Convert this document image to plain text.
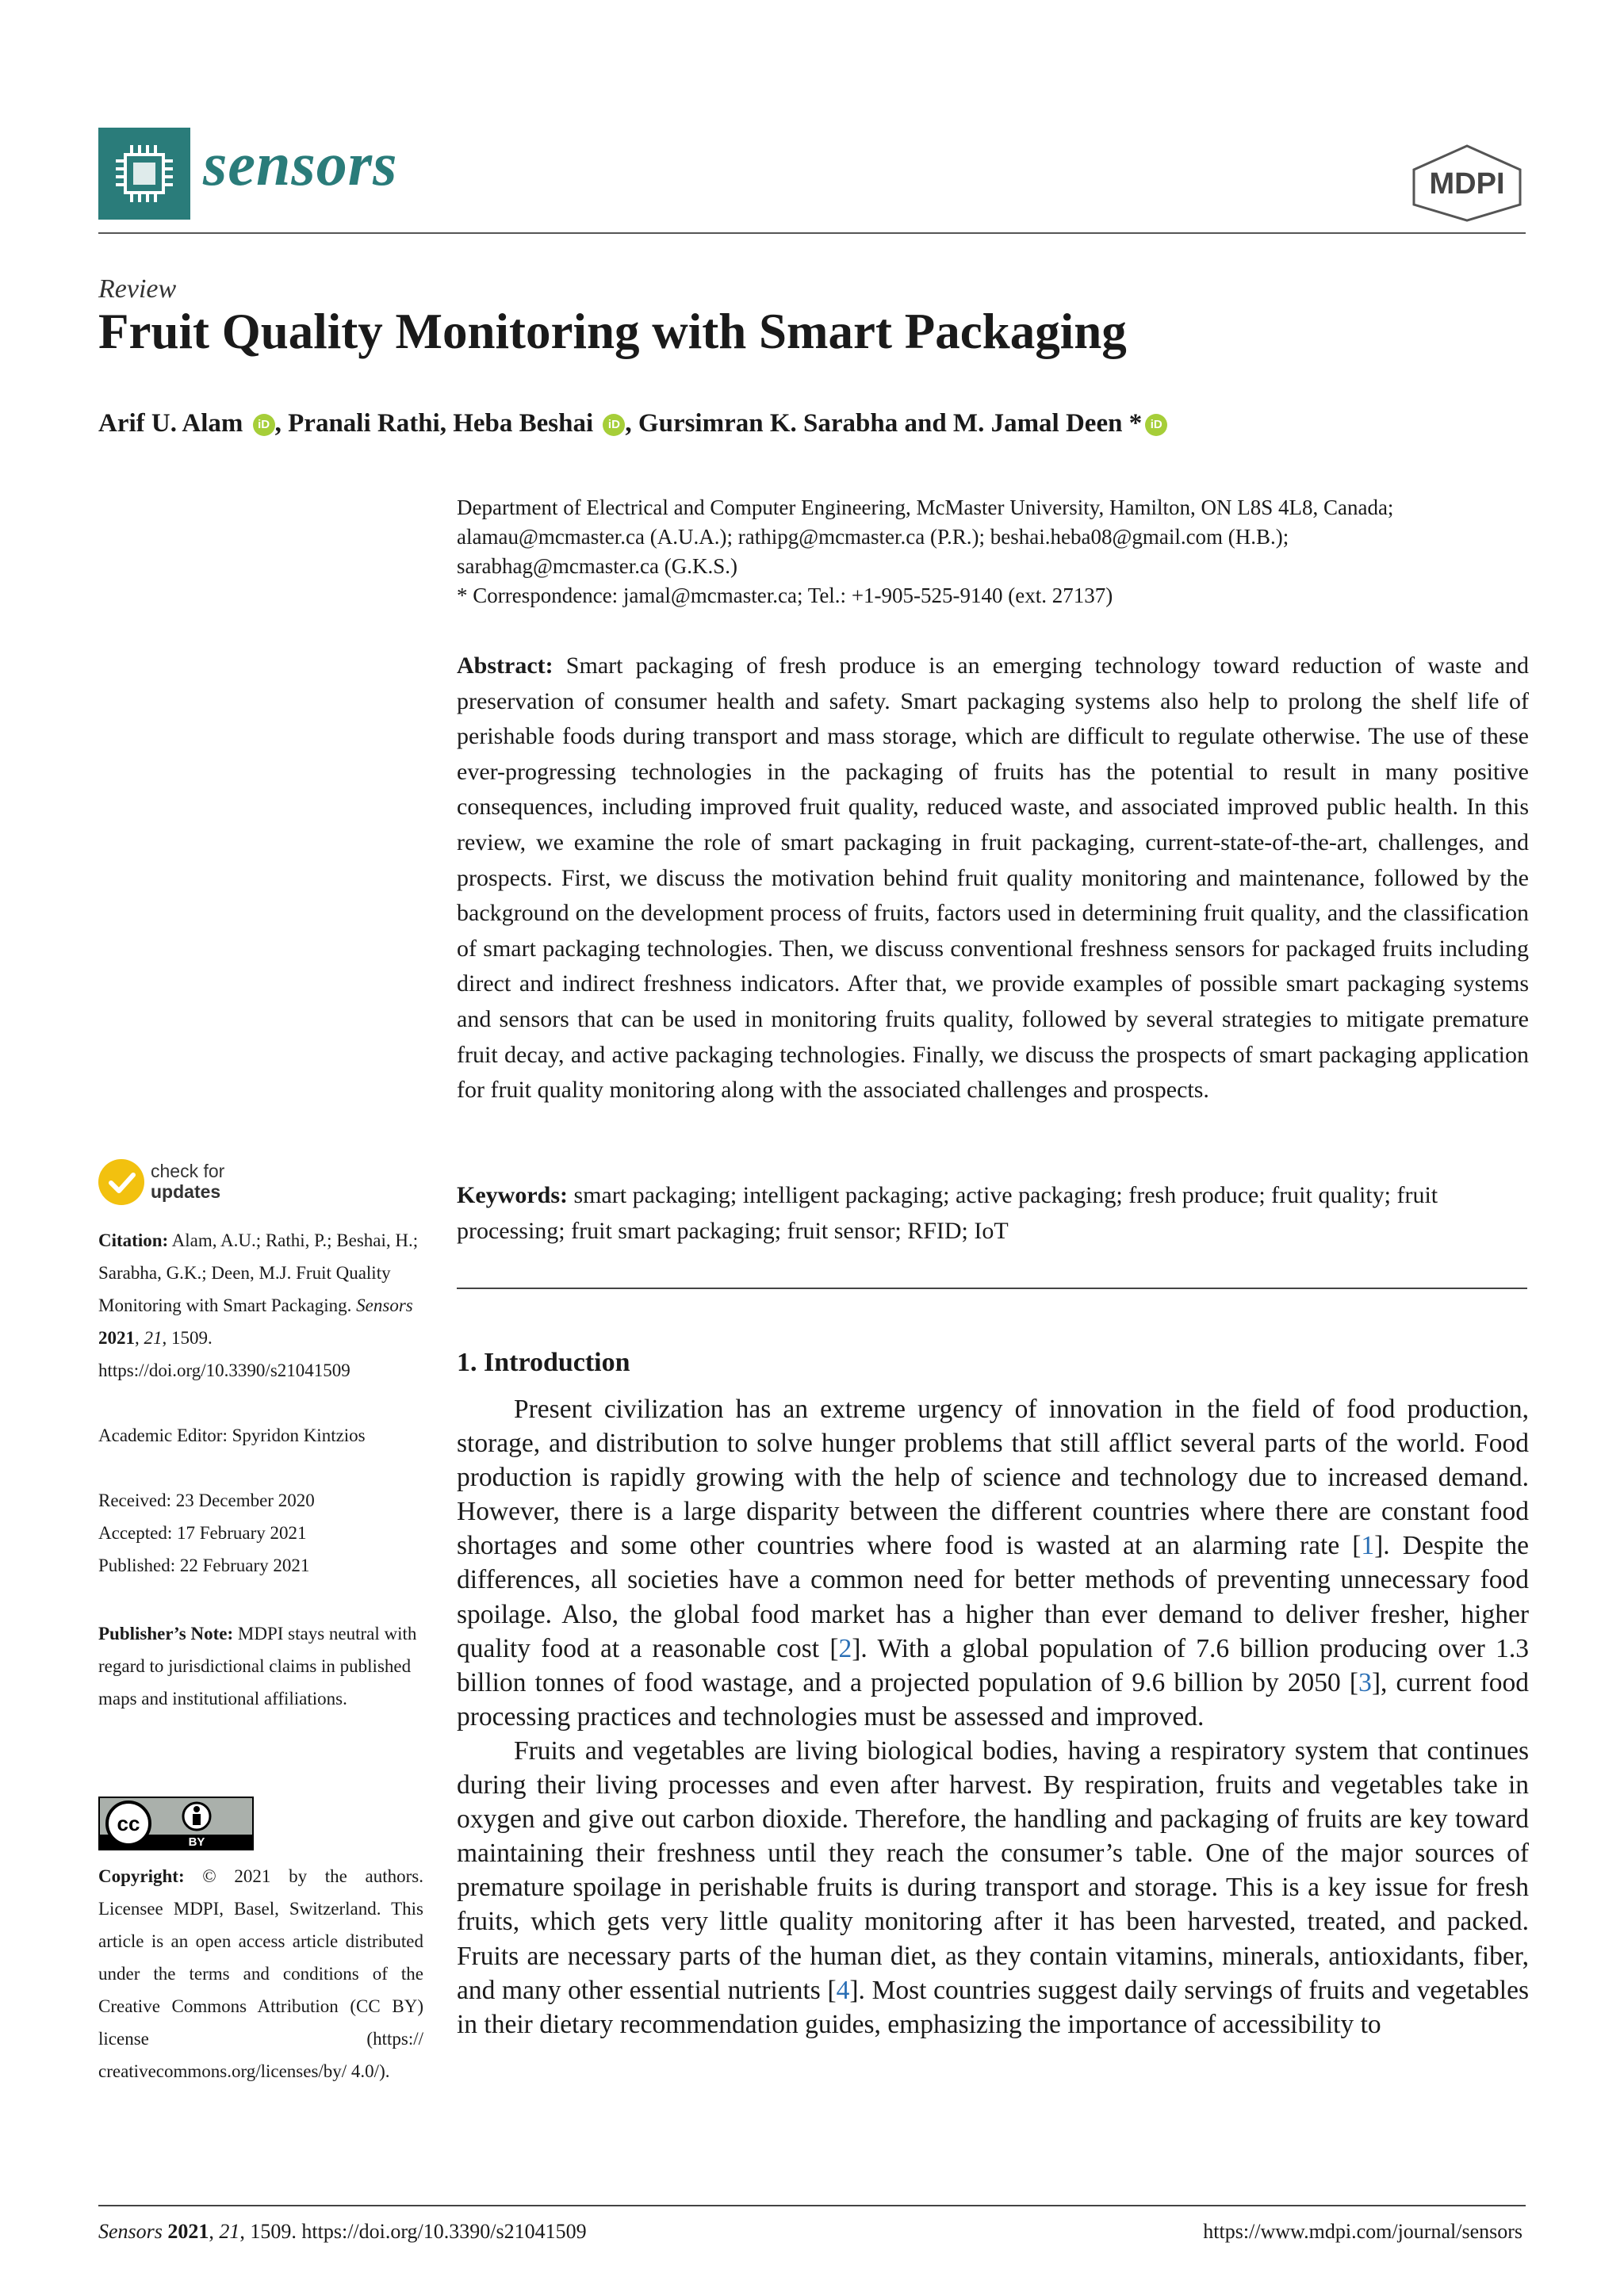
sensors	MDPI
Review
Fruit Quality Monitoring with Smart Packaging
Arif U. Alam iD , Pranali Rathi, Heba Beshai iD , Gursimran K. Sarabha and M. Jamal Deen * iD

Department of Electrical and Computer Engineering, McMaster University, Hamilton, ON L8S 4L8, Canada;

alamau@mcmaster.ca (A.U.A.); rathipg@mcmaster.ca (P.R.); beshai.heba08@gmail.com (H.B.);

sarabhag@mcmaster.ca (G.K.S.)

* Correspondence: jamal@mcmaster.ca; Tel.: +1-905-525-9140 (ext. 27137)

Abstract: Smart packaging of fresh produce is an emerging technology toward reduction of waste and preservation of consumer health and safety. Smart packaging systems also help to prolong the shelf life of perishable foods during transport and mass storage, which are difficult to regulate otherwise. The use of these ever-progressing technologies in the packaging of fruits has the potential to result in many positive consequences, including improved fruit quality, reduced waste, and associated improved public health. In this review, we examine the role of smart packaging in fruit packaging, current-state-of-the-art, challenges, and prospects. First, we discuss the motivation behind fruit quality monitoring and maintenance, followed by the background on the development process of fruits, factors used in determining fruit quality, and the classification of smart packaging technologies. Then, we discuss conventional freshness sensors for packaged fruits including direct and indirect freshness indicators. After that, we provide examples of possible smart packaging systems and sensors that can be used in monitoring fruits quality, followed by several strategies to mitigate premature fruit decay, and active packaging technologies. Finally, we discuss the prospects of smart packaging application for fruit quality monitoring along with the associated challenges and prospects.
Keywords: smart packaging; intelligent packaging; active packaging; fresh produce; fruit quality; fruit processing; fruit smart packaging; fruit sensor; RFID; IoT
1. Introduction

Present civilization has an extreme urgency of innovation in the field of food production, storage, and distribution to solve hunger problems that still afflict several parts of the world. Food production is rapidly growing with the help of science and technology due to increased demand. However, there is a large disparity between the different countries where there are constant food shortages and some other countries where food is wasted at an alarming rate [1]. Despite the differences, all societies have a common need for better methods of preventing unnecessary food spoilage. Also, the global food market has a higher than ever demand to deliver fresher, higher quality food at a reasonable cost [2]. With a global population of 7.6 billion producing over 1.3 billion tonnes of food wastage, and a projected population of 9.6 billion by 2050 [3], current food processing practices and technologies must be assessed and improved.

Fruits and vegetables are living biological bodies, having a respiratory system that continues during their living processes and even after harvest. By respiration, fruits and vegetables take in oxygen and give out carbon dioxide. Therefore, the handling and packaging of fruits are key toward maintaining their freshness until they reach the consumer’s table. One of the major sources of premature spoilage in perishable fruits is during transport and storage. This is a key issue for fresh fruits, which gets very little quality monitoring after it has been harvested, treated, and packed. Fruits are necessary parts of the human diet, as they contain vitamins, minerals, antioxidants, fiber, and many other essential nutrients [4]. Most countries suggest daily servings of fruits and vegetables in their dietary recommendation guides, emphasizing the importance of accessibility to

check for
updates

Citation: Alam, A.U.; Rathi, P.; Beshai, H.; Sarabha, G.K.; Deen, M.J. Fruit Quality Monitoring with Smart Packaging. Sensors 2021, 21, 1509. https://doi.org/10.3390/s21041509

Academic Editor: Spyridon Kintzios

Received: 23 December 2020

Accepted: 17 February 2021

Published: 22 February 2021

Publisher’s Note: MDPI stays neutral with regard to jurisdictional claims in published maps and institutional affiliations.

cc
BY

Copyright: © 2021 by the authors. Licensee MDPI, Basel, Switzerland. This article is an open access article distributed under the terms and conditions of the Creative Commons Attribution (CC BY) license (https:// creativecommons.org/licenses/by/ 4.0/).

Sensors 2021, 21, 1509. https://doi.org/10.3390/s21041509	https://www.mdpi.com/journal/sensors
